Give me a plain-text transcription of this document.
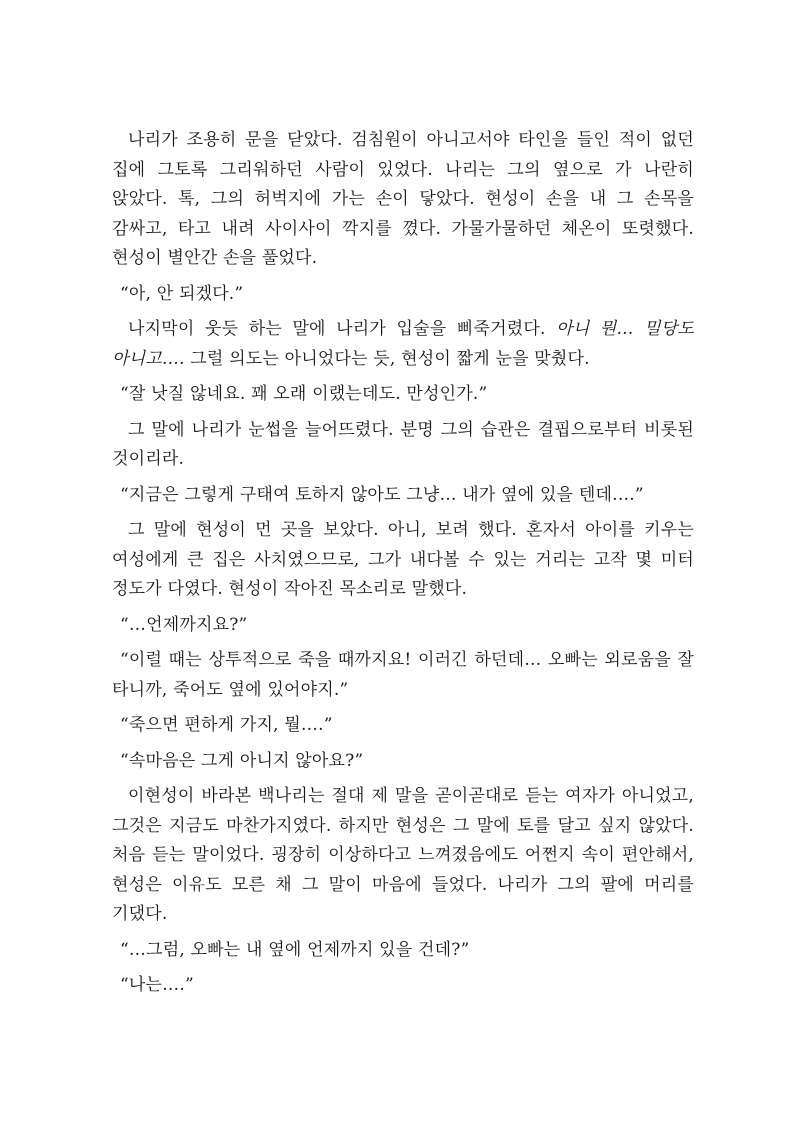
나리가 조용히 문을 닫았다. 검침원이 아니고서야 타인을 들인 적이 없던 집에 그토록 그리워하던 사람이 있었다. 나리는 그의 옆으로 가 나란히 앉았다. 톡, 그의 허벅지에 가는 손이 닿았다. 현성이 손을 내 그 손목을 감싸고, 타고 내려 사이사이 깍지를 꼈다. 가물가물하던 체온이 또렷했다. 현성이 별안간 손을 풀었다.

“아, 안 되겠다.”

나지막이 웃듯 하는 말에 나리가 입술을 삐죽거렸다. 아니 뭔… 밀당도 아니고…. 그럴 의도는 아니었다는 듯, 현성이 짧게 눈을 맞췄다.

“잘 낫질 않네요. 꽤 오래 이랬는데도. 만성인가.”

그 말에 나리가 눈썹을 늘어뜨렸다. 분명 그의 습관은 결핍으로부터 비롯된 것이리라.

“지금은 그렇게 구태여 토하지 않아도 그냥… 내가 옆에 있을 텐데….”

그 말에 현성이 먼 곳을 보았다. 아니, 보려 했다. 혼자서 아이를 키우는 여성에게 큰 집은 사치였으므로, 그가 내다볼 수 있는 거리는 고작 몇 미터 정도가 다였다. 현성이 작아진 목소리로 말했다.

“…언제까지요?”

“이럴 때는 상투적으로 죽을 때까지요! 이러긴 하던데… 오빠는 외로움을 잘 타니까, 죽어도 옆에 있어야지.”

“죽으면 편하게 가지, 뭘….”

“속마음은 그게 아니지 않아요?”

이현성이 바라본 백나리는 절대 제 말을 곧이곧대로 듣는 여자가 아니었고, 그것은 지금도 마찬가지였다. 하지만 현성은 그 말에 토를 달고 싶지 않았다. 처음 듣는 말이었다. 굉장히 이상하다고 느껴졌음에도 어쩐지 속이 편안해서, 현성은 이유도 모른 채 그 말이 마음에 들었다. 나리가 그의 팔에 머리를 기댔다.

“…그럼, 오빠는 내 옆에 언제까지 있을 건데?”

“나는….”
